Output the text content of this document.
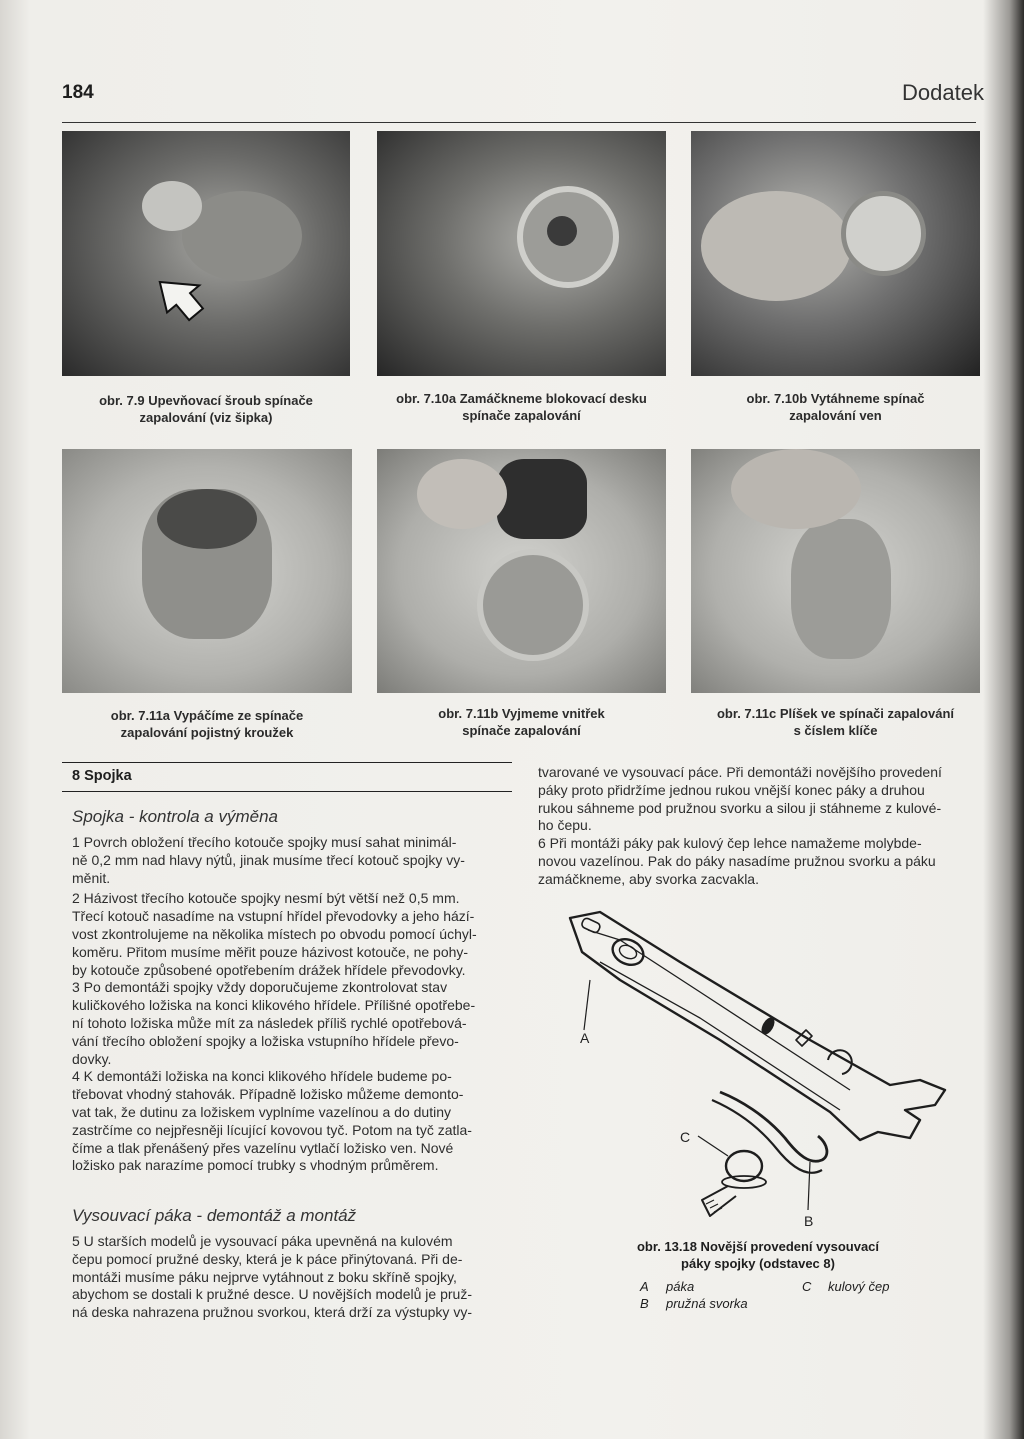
184	Dodatek
obr. 7.9 Upevňovací šroub spínače
zapalování (viz šipka)
obr. 7.10a Zamáčkneme blokovací desku
spínače zapalování
obr. 7.10b Vytáhneme spínač
zapalování ven
obr. 7.11a Vypáčíme ze spínače
zapalování pojistný kroužek
obr. 7.11b Vyjmeme vnitřek
spínače zapalování
obr. 7.11c Plíšek ve spínači zapalování
s číslem klíče
8 Spojka
Spojka - kontrola a výměna
1 Povrch obložení třecího kotouče spojky musí sahat minimál-
ně 0,2 mm nad hlavy nýtů, jinak musíme třecí kotouč spojky vy-
měnit.
2 Házivost třecího kotouče spojky nesmí být větší než 0,5 mm.
Třecí kotouč nasadíme na vstupní hřídel převodovky a jeho hází-
vost zkontrolujeme na několika místech po obvodu pomocí úchyl-
koměru. Přitom musíme měřit pouze házivost kotouče, ne pohy-
by kotouče způsobené opotřebením drážek hřídele převodovky.
3 Po demontáži spojky vždy doporučujeme zkontrolovat stav
kuličkového ložiska na konci klikového hřídele. Přílišné opotřebe-
ní tohoto ložiska může mít za následek příliš rychlé opotřebová-
vání třecího obložení spojky a ložiska vstupního hřídele převo-
dovky.
4 K demontáži ložiska na konci klikového hřídele budeme po-
třebovat vhodný stahovák. Případně ložisko můžeme demonto-
vat tak, že dutinu za ložiskem vyplníme vazelínou a do dutiny
zastrčíme co nejpřesněji lícující kovovou tyč. Potom na tyč zatla-
číme a tlak přenášený přes vazelínu vytlačí ložisko ven. Nové
ložisko pak narazíme pomocí trubky s vhodným průměrem.
Vysouvací páka - demontáž a montáž
5 U starších modelů je vysouvací páka upevněná na kulovém
čepu pomocí pružné desky, která je k páce přinýtovaná. Při de-
montáži musíme páku nejprve vytáhnout z boku skříně spojky,
abychom se dostali k pružné desce. U novějších modelů je pruž-
ná deska nahrazena pružnou svorkou, která drží za výstupky vy-
tvarované ve vysouvací páce. Při demontáži novějšího provedení
páky proto přidržíme jednou rukou vnější konec páky a druhou
rukou sáhneme pod pružnou svorku a silou ji stáhneme z kulové-
ho čepu.
6 Při montáži páky pak kulový čep lehce namažeme molybde-
novou vazelínou. Pak do páky nasadíme pružnou svorku a páku
zamáčkneme, aby svorka zacvakla.
A
B
C
obr. 13.18 Novější provedení vysouvací
páky spojky (odstavec 8)
A páka	C kulový čep
B pružná svorka
